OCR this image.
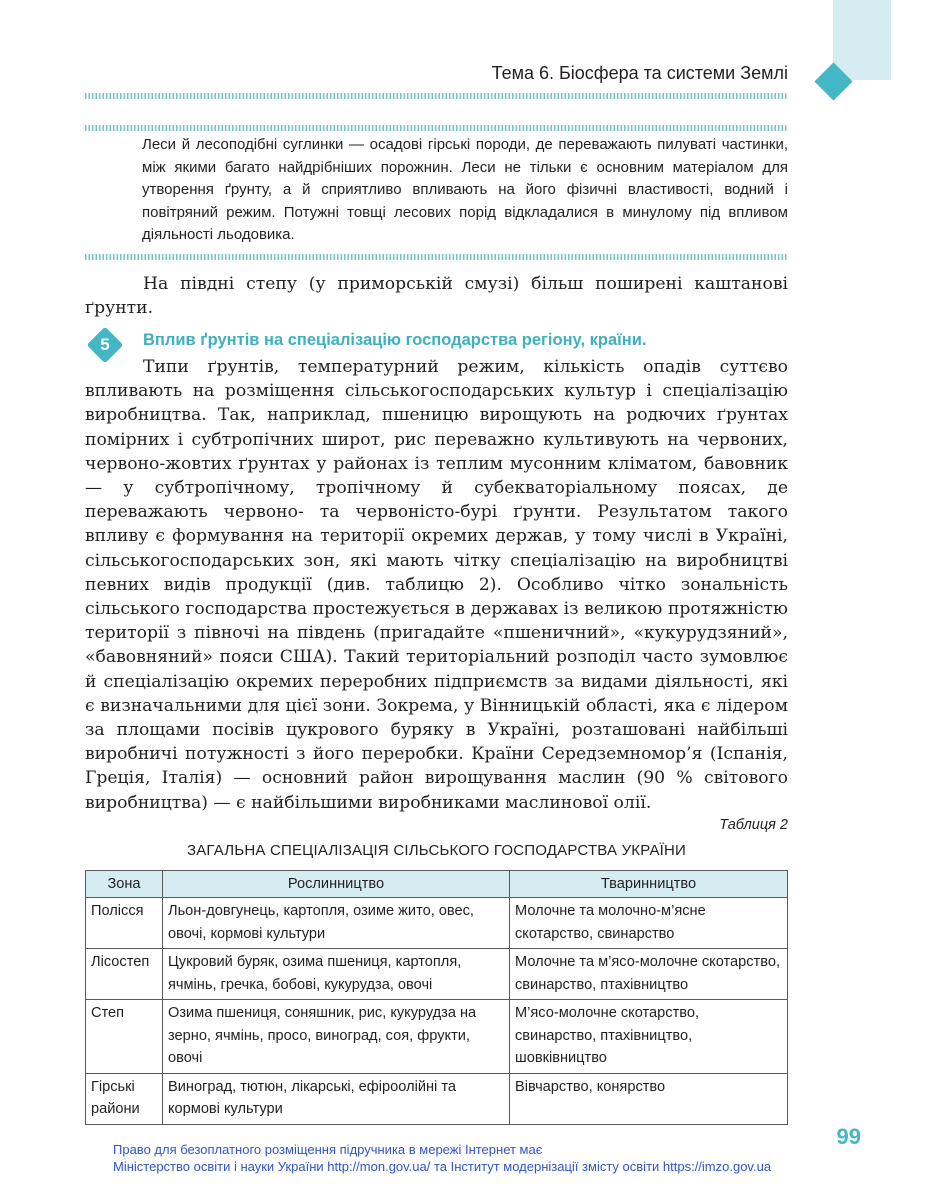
Тема 6. Біосфера та системи Землі
Леси й лесоподібні суглинки — осадові гірські породи, де переважають пилуваті частинки, між якими багато найдрібніших порожнин. Леси не тільки є основним матеріалом для утворення ґрунту, а й сприятливо впливають на його фізичні властивості, водний і повітряний режим. Потужні товщі лесових порід відкладалися в минулому під впливом діяльності льодовика.

На півдні степу (у приморській смузі) більш поширені каштанові ґрунти.

5	Вплив ґрунтів на спеціалізацію господарства регіону, країни.

Типи ґрунтів, температурний режим, кількість опадів суттєво впливають на розміщення сільськогосподарських культур і спеціалізацію виробництва. Так, наприклад, пшеницю вирощують на родючих ґрунтах помірних і субтропічних широт, рис переважно культивують на червоних, червоно-жовтих ґрунтах у районах із теплим мусонним кліматом, бавовник — у субтропічному, тропічному й субекваторіальному поясах, де переважають червоно- та червоністо-бурі ґрунти. Результатом такого впливу є формування на території окремих держав, у тому числі в Україні, сільськогосподарських зон, які мають чітку спеціалізацію на виробництві певних видів продукції (див. таблицю 2). Особливо чітко зональність сільського господарства простежується в державах із великою протяжністю території з півночі на південь (пригадайте «пшеничний», «кукурудзяний», «бавовняний» пояси США). Такий територіальний розподіл часто зумовлює й спеціалізацію окремих переробних підприємств за видами діяльності, які є визначальними для цієї зони. Зокрема, у Вінницькій області, яка є лідером за площами посівів цукрового буряку в Україні, розташовані найбільші виробничі потужності з його переробки. Країни Середземномор’я (Іспанія, Греція, Італія) — основний район вирощування маслин (90 % світового виробництва) — є найбільшими виробниками маслинової олії.

Таблиця 2
ЗАГАЛЬНА СПЕЦІАЛІЗАЦІЯ СІЛЬСЬКОГО ГОСПОДАРСТВА УКРАЇНИ
Зона	Рослинництво	Тваринництво
Полісся	Льон-довгунець, картопля, озиме жито, овес, овочі, кормові культури	Молочне та молочно-м’ясне скотарство, свинарство
Лісостеп	Цукровий буряк, озима пшениця, картопля, ячмінь, гречка, бобові, кукурудза, овочі	Молочне та м’ясо-молочне скотарство, свинарство, птахівництво
Степ	Озима пшениця, соняшник, рис, кукурудза на зерно, ячмінь, просо, виноград, соя, фрукти, овочі	М’ясо-молочне скотарство, свинарство, птахівництво, шовківництво
Гірські райони	Виноград, тютюн, лікарські, ефіроолійні та кормові культури	Вівчарство, конярство
99
Право для безоплатного розміщення підручника в мережі Інтернет має
Міністерство освіти і науки України http://mon.gov.ua/ та Інститут модернізації змісту освіти https://imzo.gov.ua
